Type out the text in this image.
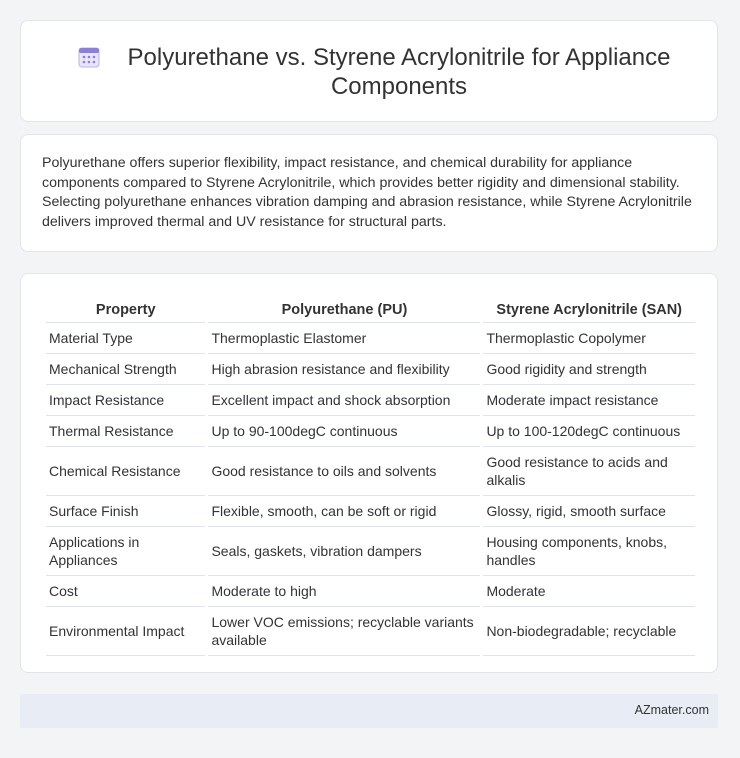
Polyurethane vs. Styrene Acrylonitrile for Appliance Components

Polyurethane offers superior flexibility, impact resistance, and chemical durability for appliance components compared to Styrene Acrylonitrile, which provides better rigidity and dimensional stability. Selecting polyurethane enhances vibration damping and abrasion resistance, while Styrene Acrylonitrile delivers improved thermal and UV resistance for structural parts.

Property	Polyurethane (PU)	Styrene Acrylonitrile (SAN)
Material Type	Thermoplastic Elastomer	Thermoplastic Copolymer
Mechanical Strength	High abrasion resistance and flexibility	Good rigidity and strength
Impact Resistance	Excellent impact and shock absorption	Moderate impact resistance
Thermal Resistance	Up to 90-100degC continuous	Up to 100-120degC continuous
Chemical Resistance	Good resistance to oils and solvents	Good resistance to acids and alkalis
Surface Finish	Flexible, smooth, can be soft or rigid	Glossy, rigid, smooth surface
Applications in Appliances	Seals, gaskets, vibration dampers	Housing components, knobs, handles
Cost	Moderate to high	Moderate
Environmental Impact	Lower VOC emissions; recyclable variants available	Non-biodegradable; recyclable
AZmater.com
